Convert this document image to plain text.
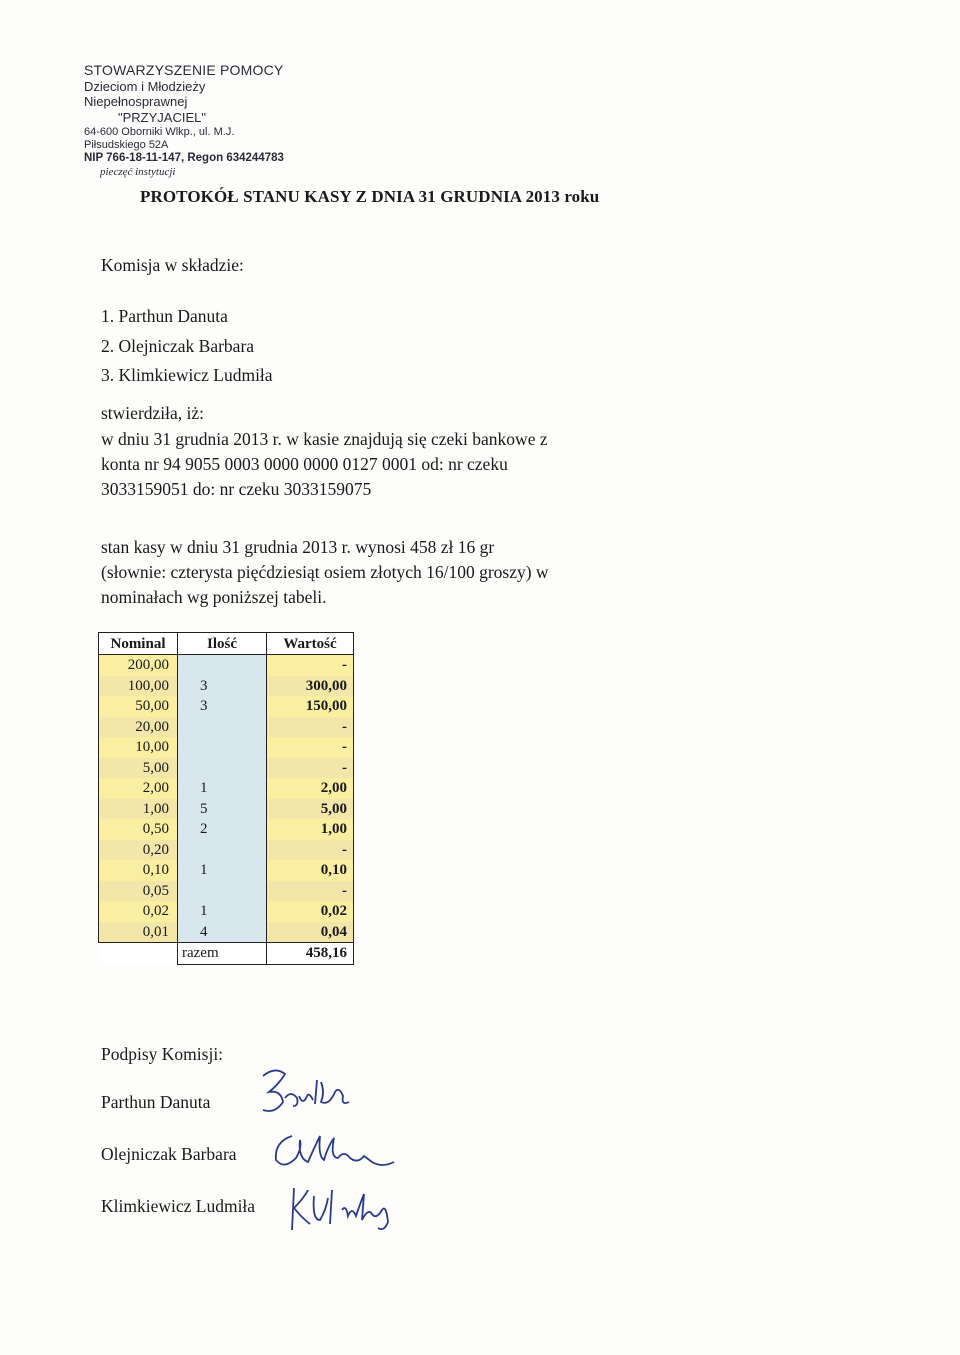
STOWARZYSZENIE POMOCY
Dzieciom i Młodzieży Niepełnosprawnej
"PRZYJACIEL"
64-600 Oborniki Wlkp., ul. M.J. Piłsudskiego 52A
NIP 766-18-11-147, Regon 634244783
pieczęć instytucji
PROTOKÓŁ STANU KASY Z DNIA 31 GRUDNIA 2013 roku
Komisja w składzie:
1. Parthun Danuta
2. Olejniczak Barbara
3. Klimkiewicz Ludmiła
stwierdziła, iż:
w dniu 31 grudnia 2013 r. w kasie znajdują się czeki bankowe z
konta nr 94 9055 0003 0000 0000 0127 0001 od: nr czeku
3033159051 do: nr czeku 3033159075
stan kasy w dniu 31 grudnia 2013 r. wynosi 458 zł 16 gr
(słownie: czterysta pięćdziesiąt osiem złotych 16/100 groszy) w
nominałach wg poniższej tabeli.
Nominal	Ilość	Wartość
200,00		-
100,00	3	300,00
50,00	3	150,00
20,00		-
10,00		-
5,00		-
2,00	1	2,00
1,00	5	5,00
0,50	2	1,00
0,20		-
0,10	1	0,10
0,05		-
0,02	1	0,02
0,01	4	0,04
	razem	458,16
Podpisy Komisji:
Parthun Danuta
Olejniczak Barbara
Klimkiewicz Ludmiła
